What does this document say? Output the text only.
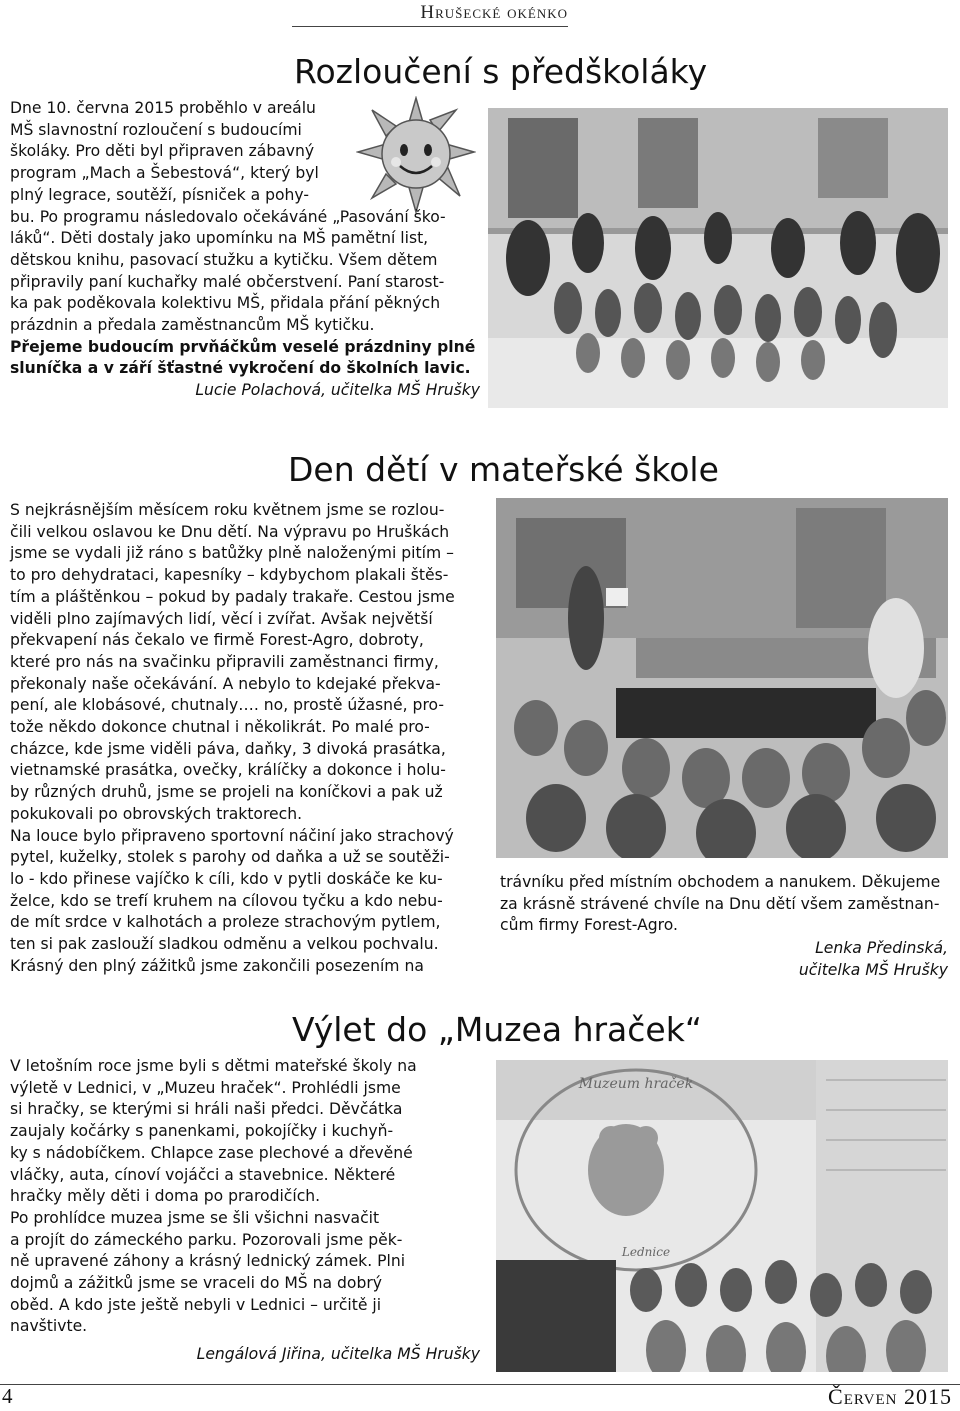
Hrušecké okénko
Rozloučení s předškoláky

Dne 10. června 2015 proběhlo v areálu

MŠ slavnostní rozloučení s budoucími

školáky. Pro děti byl připraven zábavný

program „Mach a Šebestová“, který byl

plný legrace, soutěží, písniček a pohy-

bu. Po programu následovalo očekáváné „Pasování ško-

láků“. Děti dostaly jako upomínku na MŠ pamětní list,

dětskou knihu, pasovací stužku a kytičku. Všem dětem

připravily paní kuchařky malé občerstvení. Paní starost-

ka pak poděkovala kolektivu MŠ, přidala přání pěkných

prázdnin a předala zaměstnancům MŠ kytičku.

Přejeme budoucím prvňáčkům veselé prázdniny plné

sluníčka a v září šťastné vykročení do školních lavic.

Lucie Polachová, učitelka MŠ Hrušky

Den dětí v mateřské škole

S nejkrásnějším měsícem roku květnem jsme se rozlou-

čili velkou oslavou ke Dnu dětí. Na výpravu po Hruškách

jsme se vydali již ráno s batůžky plně naloženými pitím –

to pro dehydrataci, kapesníky – kdybychom plakali štěs-

tím a pláštěnkou – pokud by padaly trakaře. Cestou jsme

viděli plno zajímavých lidí, věcí i zvířat. Avšak největší

překvapení nás čekalo ve firmě Forest-Agro, dobroty,

které pro nás na svačinku připravili zaměstnanci firmy,

překonaly naše očekávání. A nebylo to kdejaké překva-

pení, ale klobásové, chutnaly…. no, prostě úžasné, pro-

tože někdo dokonce chutnal i několikrát. Po malé pro-

cházce, kde jsme viděli páva, daňky, 3 divoká prasátka,

vietnamské prasátka, ovečky, králíčky a dokonce i holu-

by různých druhů, jsme se projeli na koníčkovi a pak už

pokukovali po obrovských traktorech.

Na louce bylo připraveno sportovní náčiní jako strachový

pytel, kuželky, stolek s parohy od daňka a už se soutěži-

lo - kdo přinese vajíčko k cíli, kdo v pytli doskáče ke ku-

želce, kdo se trefí kruhem na cílovou tyčku a kdo nebu-

de mít srdce v kalhotách a proleze strachovým pytlem,

ten si pak zaslouží sladkou odměnu a velkou pochvalu.

Krásný den plný zážitků jsme zakončili posezením na

trávníku před místním obchodem a nanukem. Děkujeme

za krásně strávené chvíle na Dnu dětí všem zaměstnan-

cům firmy Forest-Agro.

Lenka Předinská,

učitelka MŠ Hrušky

Výlet do „Muzea hraček“
Muzeum hraček
Lednice

V letošním roce jsme byli s dětmi mateřské školy na

výletě v Lednici, v „Muzeu hraček“. Prohlédli jsme

si hračky, se kterými si hráli naši předci. Děvčátka

zaujaly kočárky s panenkami, pokojíčky i kuchyň-

ky s nádobíčkem. Chlapce zase plechové a dřevěné

vláčky, auta, cínoví vojáčci a stavebnice. Některé

hračky měly děti i doma po prarodičích.

Po prohlídce muzea jsme se šli všichni nasvačit

a projít do zámeckého parku. Pozorovali jsme pěk-

ně upravené záhony a krásný lednický zámek. Plni

dojmů a zážitků jsme se vraceli do MŠ na dobrý

oběd. A kdo jste ještě nebyli v Lednici – určitě ji

navštivte.

Lengálová Jiřina, učitelka MŠ Hrušky

4	Červen 2015
